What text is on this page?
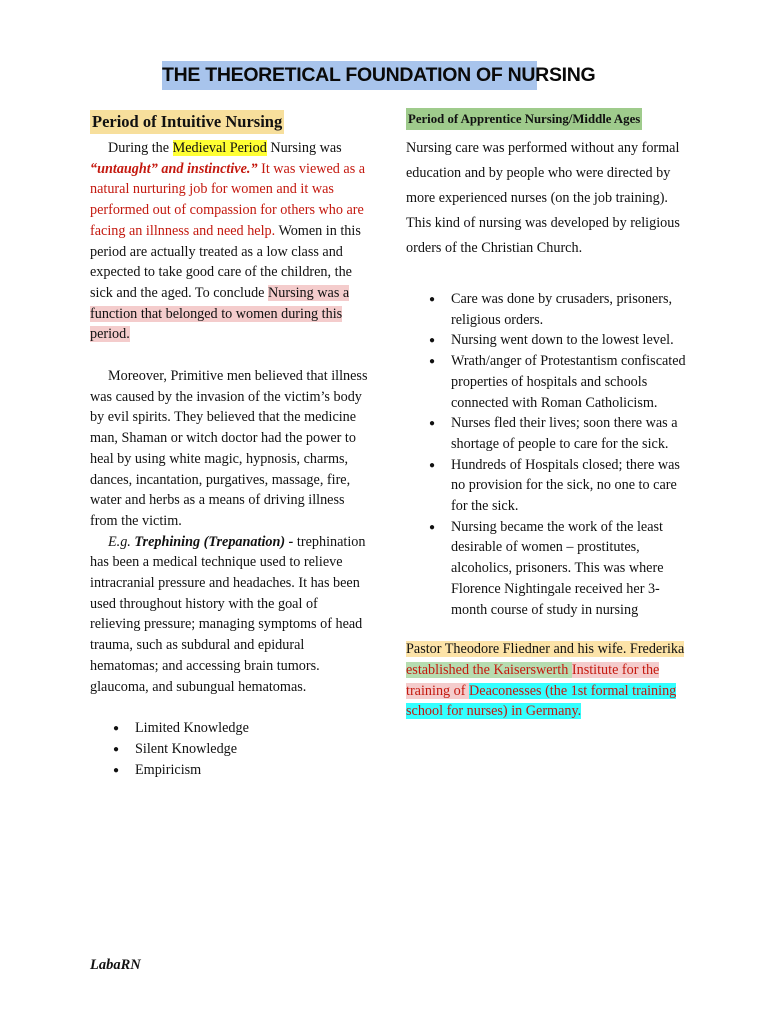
THE THEORETICAL FOUNDATION OF NURSING
Period of Intuitive Nursing

During the Medieval Period Nursing was “untaught” and instinctive.” It was viewed as a natural nurturing job for women and it was performed out of compassion for others who are facing an illnness and need help. Women in this period are actually treated as a low class and expected to take good care of the children, the sick and the aged. To conclude Nursing was a function that belonged to women during this period.

Moreover, Primitive men believed that illness was caused by the invasion of the victim’s body by evil spirits. They believed that the medicine man, Shaman or witch doctor had the power to heal by using white magic, hypnosis, charms, dances, incantation, purgatives, massage, fire, water and herbs as a means of driving illness from the victim.

E.g. Trephining (Trepanation) - trephination has been a medical technique used to relieve intracranial pressure and headaches. It has been used throughout history with the goal of relieving pressure; managing symptoms of head trauma, such as subdural and epidural hematomas; and accessing brain tumors. glaucoma, and subungual hematomas.

● Limited Knowledge
● Silent Knowledge
● Empiricism
Period of Apprentice Nursing/Middle Ages

Nursing care was performed without any formal education and by people who were directed by more experienced nurses (on the job training). This kind of nursing was developed by religious orders of the Christian Church.

● Care was done by crusaders, prisoners, religious orders.
● Nursing went down to the lowest level.
● Wrath/anger of Protestantism confiscated properties of hospitals and schools connected with Roman Catholicism.
● Nurses fled their lives; soon there was a shortage of people to care for the sick.
● Hundreds of Hospitals closed; there was no provision for the sick, no one to care for the sick.
● Nursing became the work of the least desirable of women – prostitutes, alcoholics, prisoners. This was where Florence Nightingale received her 3-month course of study in nursing

Pastor Theodore Fliedner and his wife. Frederika established the Kaiserswerth Institute for the training of Deaconesses (the 1st formal training school for nurses) in Germany.

LabaRN
